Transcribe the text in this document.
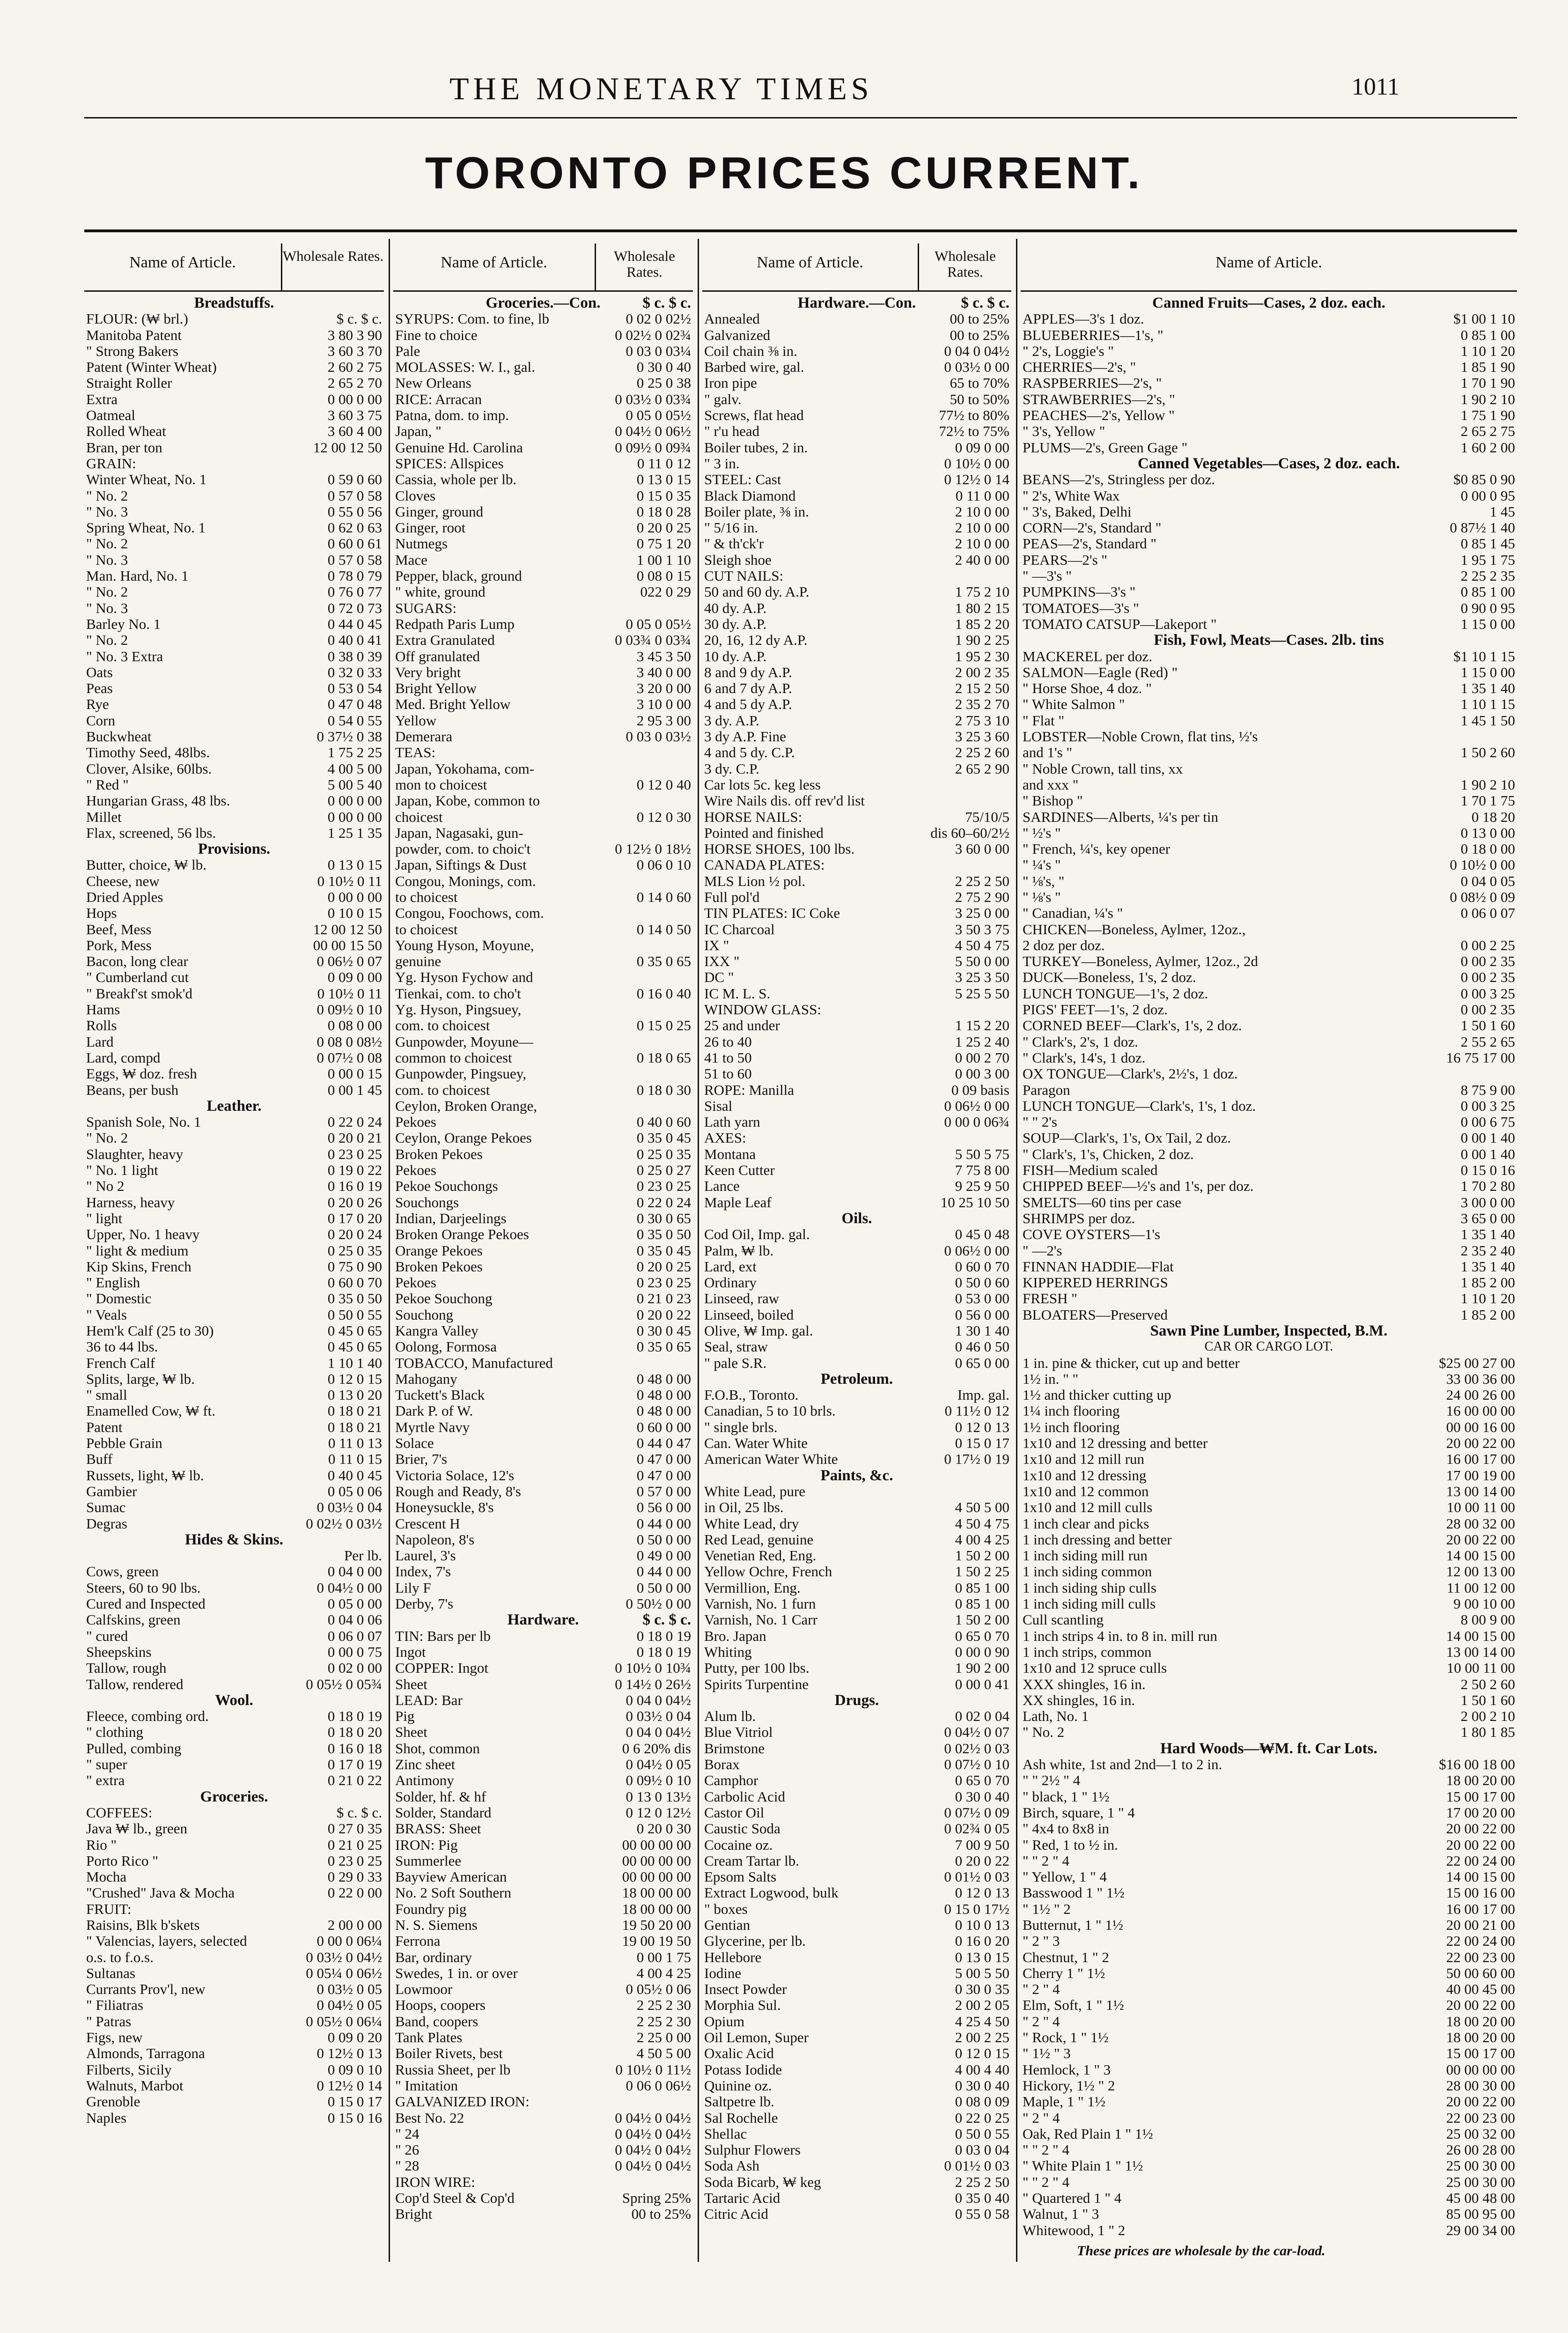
THE MONETARY TIMES	1011
TORONTO PRICES CURRENT.
Name of Article.	Wholesale Rates.
Breadstuffs.
FLOUR: (₩ brl.)	$ c. $ c.
Manitoba Patent	3 80 3 90
" Strong Bakers	3 60 3 70
Patent (Winter Wheat)	2 60 2 75
Straight Roller	2 65 2 70
Extra	0 00 0 00
Oatmeal	3 60 3 75
Rolled Wheat	3 60 4 00
Bran, per ton	12 00 12 50
GRAIN:
Winter Wheat, No. 1	0 59 0 60
" No. 2	0 57 0 58
" No. 3	0 55 0 56
Spring Wheat, No. 1	0 62 0 63
" No. 2	0 60 0 61
" No. 3	0 57 0 58
Man. Hard, No. 1	0 78 0 79
" No. 2	0 76 0 77
" No. 3	0 72 0 73
Barley No. 1	0 44 0 45
" No. 2	0 40 0 41
" No. 3 Extra	0 38 0 39
Oats	0 32 0 33
Peas	0 53 0 54
Rye	0 47 0 48
Corn	0 54 0 55
Buckwheat	0 37½ 0 38
Timothy Seed, 48lbs.	1 75 2 25
Clover, Alsike, 60lbs.	4 00 5 00
" Red "	5 00 5 40
Hungarian Grass, 48 lbs.	0 00 0 00
Millet	0 00 0 00
Flax, screened, 56 lbs.	1 25 1 35
Provisions.
Butter, choice, ₩ lb.	0 13 0 15
Cheese, new	0 10½ 0 11
Dried Apples	0 00 0 00
Hops	0 10 0 15
Beef, Mess	12 00 12 50
Pork, Mess	00 00 15 50
Bacon, long clear	0 06½ 0 07
" Cumberland cut	0 09 0 00
" Breakf'st smok'd	0 10½ 0 11
Hams	0 09½ 0 10
Rolls	0 08 0 00
Lard	0 08 0 08½
Lard, compd	0 07½ 0 08
Eggs, ₩ doz. fresh	0 00 0 15
Beans, per bush	0 00 1 45
Leather.
Spanish Sole, No. 1	0 22 0 24
" No. 2	0 20 0 21
Slaughter, heavy	0 23 0 25
" No. 1 light	0 19 0 22
" No 2	0 16 0 19
Harness, heavy	0 20 0 26
" light	0 17 0 20
Upper, No. 1 heavy	0 20 0 24
" light & medium	0 25 0 35
Kip Skins, French	0 75 0 90
" English	0 60 0 70
" Domestic	0 35 0 50
" Veals	0 50 0 55
Hem'k Calf (25 to 30)	0 45 0 65
36 to 44 lbs.	0 45 0 65
French Calf	1 10 1 40
Splits, large, ₩ lb.	0 12 0 15
" small	0 13 0 20
Enamelled Cow, ₩ ft.	0 18 0 21
Patent	0 18 0 21
Pebble Grain	0 11 0 13
Buff	0 11 0 15
Russets, light, ₩ lb.	0 40 0 45
Gambier	0 05 0 06
Sumac	0 03½ 0 04
Degras	0 02½ 0 03½
Hides & Skins.
Per lb.
Cows, green	0 04 0 00
Steers, 60 to 90 lbs.	0 04½ 0 00
Cured and Inspected	0 05 0 00
Calfskins, green	0 04 0 06
" cured	0 06 0 07
Sheepskins	0 00 0 75
Tallow, rough	0 02 0 00
Tallow, rendered	0 05½ 0 05¾
Wool.
Fleece, combing ord.	0 18 0 19
" clothing	0 18 0 20
Pulled, combing	0 16 0 18
" super	0 17 0 19
" extra	0 21 0 22
Groceries.
COFFEES:	$ c. $ c.
Java ₩ lb., green	0 27 0 35
Rio "	0 21 0 25
Porto Rico "	0 23 0 25
Mocha	0 29 0 33
"Crushed" Java & Mocha	0 22 0 00
FRUIT:
Raisins, Blk b'skets	2 00 0 00
" Valencias, layers, selected	0 00 0 06¼
o.s. to f.o.s.	0 03½ 0 04½
Sultanas	0 05¼ 0 06½
Currants Prov'l, new	0 03½ 0 05
" Filiatras	0 04½ 0 05
" Patras	0 05½ 0 06¼
Figs, new	0 09 0 20
Almonds, Tarragona	0 12½ 0 13
Filberts, Sicily	0 09 0 10
Walnuts, Marbot	0 12½ 0 14
Grenoble	0 15 0 17
Naples	0 15 0 16
Name of Article.	Wholesale Rates.
Groceries.—Con.	$ c. $ c.
SYRUPS: Com. to fine, lb	0 02 0 02½
Fine to choice	0 02½ 0 02¾
Pale	0 03 0 03¼
MOLASSES: W. I., gal.	0 30 0 40
New Orleans	0 25 0 38
RICE: Arracan	0 03½ 0 03¾
Patna, dom. to imp.	0 05 0 05½
Japan, "	0 04½ 0 06½
Genuine Hd. Carolina	0 09½ 0 09¾
SPICES: Allspices	0 11 0 12
Cassia, whole per lb.	0 13 0 15
Cloves	0 15 0 35
Ginger, ground	0 18 0 28
Ginger, root	0 20 0 25
Nutmegs	0 75 1 20
Mace	1 00 1 10
Pepper, black, ground	0 08 0 15
" white, ground	022 0 29
SUGARS:
Redpath Paris Lump	0 05 0 05½
Extra Granulated	0 03¾ 0 03¾
Off granulated	3 45 3 50
Very bright	3 40 0 00
Bright Yellow	3 20 0 00
Med. Bright Yellow	3 10 0 00
Yellow	2 95 3 00
Demerara	0 03 0 03½
TEAS:
Japan, Yokohama, com-
mon to choicest	0 12 0 40
Japan, Kobe, common to
choicest	0 12 0 30
Japan, Nagasaki, gun-
powder, com. to choic't	0 12½ 0 18½
Japan, Siftings & Dust	0 06 0 10
Congou, Monings, com.
to choicest	0 14 0 60
Congou, Foochows, com.
to choicest	0 14 0 50
Young Hyson, Moyune,
genuine	0 35 0 65
Yg. Hyson Fychow and
Tienkai, com. to cho't	0 16 0 40
Yg. Hyson, Pingsuey,
com. to choicest	0 15 0 25
Gunpowder, Moyune—
common to choicest	0 18 0 65
Gunpowder, Pingsuey,
com. to choicest	0 18 0 30
Ceylon, Broken Orange,
Pekoes	0 40 0 60
Ceylon, Orange Pekoes	0 35 0 45
Broken Pekoes	0 25 0 35
Pekoes	0 25 0 27
Pekoe Souchongs	0 23 0 25
Souchongs	0 22 0 24
Indian, Darjeelings	0 30 0 65
Broken Orange Pekoes	0 35 0 50
Orange Pekoes	0 35 0 45
Broken Pekoes	0 20 0 25
Pekoes	0 23 0 25
Pekoe Souchong	0 21 0 23
Souchong	0 20 0 22
Kangra Valley	0 30 0 45
Oolong, Formosa	0 35 0 65
TOBACCO, Manufactured
Mahogany	0 48 0 00
Tuckett's Black	0 48 0 00
Dark P. of W.	0 48 0 00
Myrtle Navy	0 60 0 00
Solace	0 44 0 47
Brier, 7's	0 47 0 00
Victoria Solace, 12's	0 47 0 00
Rough and Ready, 8's	0 57 0 00
Honeysuckle, 8's	0 56 0 00
Crescent H	0 44 0 00
Napoleon, 8's	0 50 0 00
Laurel, 3's	0 49 0 00
Index, 7's	0 44 0 00
Lily F	0 50 0 00
Derby, 7's	0 50½ 0 00
Hardware.	$ c. $ c.
TIN: Bars per lb	0 18 0 19
Ingot	0 18 0 19
COPPER: Ingot	0 10½ 0 10¾
Sheet	0 14½ 0 26½
LEAD: Bar	0 04 0 04½
Pig	0 03½ 0 04
Sheet	0 04 0 04½
Shot, common	0 6 20% dis
Zinc sheet	0 04½ 0 05
Antimony	0 09½ 0 10
Solder, hf. & hf	0 13 0 13½
Solder, Standard	0 12 0 12½
BRASS: Sheet	0 20 0 30
IRON: Pig	00 00 00 00
Summerlee	00 00 00 00
Bayview American	00 00 00 00
No. 2 Soft Southern	18 00 00 00
Foundry pig	18 00 00 00
N. S. Siemens	19 50 20 00
Ferrona	19 00 19 50
Bar, ordinary	0 00 1 75
Swedes, 1 in. or over	4 00 4 25
Lowmoor	0 05½ 0 06
Hoops, coopers	2 25 2 30
Band, coopers	2 25 2 30
Tank Plates	2 25 0 00
Boiler Rivets, best	4 50 5 00
Russia Sheet, per lb	0 10½ 0 11½
" Imitation	0 06 0 06½
GALVANIZED IRON:
Best No. 22	0 04½ 0 04½
" 24	0 04½ 0 04½
" 26	0 04½ 0 04½
" 28	0 04½ 0 04½
IRON WIRE:
Cop'd Steel & Cop'd	Spring 25%
Bright	00 to 25%
Name of Article.	Wholesale Rates.
Hardware.—Con.	$ c. $ c.
Annealed	00 to 25%
Galvanized	00 to 25%
Coil chain ⅜ in.	0 04 0 04½
Barbed wire, gal.	0 03½ 0 00
Iron pipe	65 to 70%
" galv.	50 to 50%
Screws, flat head	77½ to 80%
" r'u head	72½ to 75%
Boiler tubes, 2 in.	0 09 0 00
" 3 in.	0 10½ 0 00
STEEL: Cast	0 12½ 0 14
Black Diamond	0 11 0 00
Boiler plate, ⅜ in.	2 10 0 00
" 5/16 in.	2 10 0 00
" & th'ck'r	2 10 0 00
Sleigh shoe	2 40 0 00
CUT NAILS:
50 and 60 dy. A.P.	1 75 2 10
40 dy. A.P.	1 80 2 15
30 dy. A.P.	1 85 2 20
20, 16, 12 dy A.P.	1 90 2 25
10 dy. A.P.	1 95 2 30
8 and 9 dy A.P.	2 00 2 35
6 and 7 dy A.P.	2 15 2 50
4 and 5 dy A.P.	2 35 2 70
3 dy. A.P.	2 75 3 10
3 dy A.P. Fine	3 25 3 60
4 and 5 dy. C.P.	2 25 2 60
3 dy. C.P.	2 65 2 90
Car lots 5c. keg less
Wire Nails dis. off rev'd list
HORSE NAILS:	75/10/5
Pointed and finished	dis 60–60/2½
HORSE SHOES, 100 lbs.	3 60 0 00
CANADA PLATES:
MLS Lion ½ pol.	2 25 2 50
Full pol'd	2 75 2 90
TIN PLATES: IC Coke	3 25 0 00
IC Charcoal	3 50 3 75
IX "	4 50 4 75
IXX "	5 50 0 00
DC "	3 25 3 50
IC M. L. S.	5 25 5 50
WINDOW GLASS:
25 and under	1 15 2 20
26 to 40	1 25 2 40
41 to 50	0 00 2 70
51 to 60	0 00 3 00
ROPE: Manilla	0 09 basis
Sisal	0 06½ 0 00
Lath yarn	0 00 0 06¾
AXES:
Montana	5 50 5 75
Keen Cutter	7 75 8 00
Lance	9 25 9 50
Maple Leaf	10 25 10 50
Oils.
Cod Oil, Imp. gal.	0 45 0 48
Palm, ₩ lb.	0 06½ 0 00
Lard, ext	0 60 0 70
Ordinary	0 50 0 60
Linseed, raw	0 53 0 00
Linseed, boiled	0 56 0 00
Olive, ₩ Imp. gal.	1 30 1 40
Seal, straw	0 46 0 50
" pale S.R.	0 65 0 00
Petroleum.
F.O.B., Toronto.	Imp. gal.
Canadian, 5 to 10 brls.	0 11½ 0 12
" single brls.	0 12 0 13
Can. Water White	0 15 0 17
American Water White	0 17½ 0 19
Paints, &c.
White Lead, pure
in Oil, 25 lbs.	4 50 5 00
White Lead, dry	4 50 4 75
Red Lead, genuine	4 00 4 25
Venetian Red, Eng.	1 50 2 00
Yellow Ochre, French	1 50 2 25
Vermillion, Eng.	0 85 1 00
Varnish, No. 1 furn	0 85 1 00
Varnish, No. 1 Carr	1 50 2 00
Bro. Japan	0 65 0 70
Whiting	0 00 0 90
Putty, per 100 lbs.	1 90 2 00
Spirits Turpentine	0 00 0 41
Drugs.
Alum lb.	0 02 0 04
Blue Vitriol	0 04½ 0 07
Brimstone	0 02½ 0 03
Borax	0 07½ 0 10
Camphor	0 65 0 70
Carbolic Acid	0 30 0 40
Castor Oil	0 07½ 0 09
Caustic Soda	0 02¾ 0 05
Cocaine oz.	7 00 9 50
Cream Tartar lb.	0 20 0 22
Epsom Salts	0 01½ 0 03
Extract Logwood, bulk	0 12 0 13
" boxes	0 15 0 17½
Gentian	0 10 0 13
Glycerine, per lb.	0 16 0 20
Hellebore	0 13 0 15
Iodine	5 00 5 50
Insect Powder	0 30 0 35
Morphia Sul.	2 00 2 05
Opium	4 25 4 50
Oil Lemon, Super	2 00 2 25
Oxalic Acid	0 12 0 15
Potass Iodide	4 00 4 40
Quinine oz.	0 30 0 40
Saltpetre lb.	0 08 0 09
Sal Rochelle	0 22 0 25
Shellac	0 50 0 55
Sulphur Flowers	0 03 0 04
Soda Ash	0 01½ 0 03
Soda Bicarb, ₩ keg	2 25 2 50
Tartaric Acid	0 35 0 40
Citric Acid	0 55 0 58
Name of Article.
Canned Fruits—Cases, 2 doz. each.
APPLES—3's 1 doz.	$1 00 1 10
BLUEBERRIES—1's, "	0 85 1 00
" 2's, Loggie's "	1 10 1 20
CHERRIES—2's, "	1 85 1 90
RASPBERRIES—2's, "	1 70 1 90
STRAWBERRIES—2's, "	1 90 2 10
PEACHES—2's, Yellow "	1 75 1 90
" 3's, Yellow "	2 65 2 75
PLUMS—2's, Green Gage "	1 60 2 00
Canned Vegetables—Cases, 2 doz. each.
BEANS—2's, Stringless per doz.	$0 85 0 90
" 2's, White Wax	0 00 0 95
" 3's, Baked, Delhi	1 45
CORN—2's, Standard "	0 87½ 1 40
PEAS—2's, Standard "	0 85 1 45
PEARS—2's "	1 95 1 75
" —3's "	2 25 2 35
PUMPKINS—3's "	0 85 1 00
TOMATOES—3's "	0 90 0 95
TOMATO CATSUP—Lakeport "	1 15 0 00
Fish, Fowl, Meats—Cases. 2lb. tins
MACKEREL per doz.	$1 10 1 15
SALMON—Eagle (Red) "	1 15 0 00
" Horse Shoe, 4 doz. "	1 35 1 40
" White Salmon "	1 10 1 15
" Flat "	1 45 1 50
LOBSTER—Noble Crown, flat tins, ½'s
and 1's "	1 50 2 60
" Noble Crown, tall tins, xx
and xxx "	1 90 2 10
" Bishop "	1 70 1 75
SARDINES—Alberts, ¼'s per tin	0 18 20
" ½'s "	0 13 0 00
" French, ¼'s, key opener	0 18 0 00
" ¼'s "	0 10½ 0 00
" ⅛'s, "	0 04 0 05
" ⅛'s "	0 08½ 0 09
" Canadian, ¼'s "	0 06 0 07
CHICKEN—Boneless, Aylmer, 12oz.,
2 doz per doz.	0 00 2 25
TURKEY—Boneless, Aylmer, 12oz., 2d	0 00 2 35
DUCK—Boneless, 1's, 2 doz.	0 00 2 35
LUNCH TONGUE—1's, 2 doz.	0 00 3 25
PIGS' FEET—1's, 2 doz.	0 00 2 35
CORNED BEEF—Clark's, 1's, 2 doz.	1 50 1 60
" Clark's, 2's, 1 doz.	2 55 2 65
" Clark's, 14's, 1 doz.	16 75 17 00
OX TONGUE—Clark's, 2½'s, 1 doz.
Paragon	8 75 9 00
LUNCH TONGUE—Clark's, 1's, 1 doz.	0 00 3 25
" " 2's	0 00 6 75
SOUP—Clark's, 1's, Ox Tail, 2 doz.	0 00 1 40
" Clark's, 1's, Chicken, 2 doz.	0 00 1 40
FISH—Medium scaled	0 15 0 16
CHIPPED BEEF—½'s and 1's, per doz.	1 70 2 80
SMELTS—60 tins per case	3 00 0 00
SHRIMPS per doz.	3 65 0 00
COVE OYSTERS—1's	1 35 1 40
" —2's	2 35 2 40
FINNAN HADDIE—Flat	1 35 1 40
KIPPERED HERRINGS	1 85 2 00
FRESH "	1 10 1 20
BLOATERS—Preserved	1 85 2 00
Sawn Pine Lumber, Inspected, B.M.
CAR OR CARGO LOT.
1 in. pine & thicker, cut up and better	$25 00 27 00
1½ in. " "	33 00 36 00
1½ and thicker cutting up	24 00 26 00
1¼ inch flooring	16 00 00 00
1½ inch flooring	00 00 16 00
1x10 and 12 dressing and better	20 00 22 00
1x10 and 12 mill run	16 00 17 00
1x10 and 12 dressing	17 00 19 00
1x10 and 12 common	13 00 14 00
1x10 and 12 mill culls	10 00 11 00
1 inch clear and picks	28 00 32 00
1 inch dressing and better	20 00 22 00
1 inch siding mill run	14 00 15 00
1 inch siding common	12 00 13 00
1 inch siding ship culls	11 00 12 00
1 inch siding mill culls	9 00 10 00
Cull scantling	8 00 9 00
1 inch strips 4 in. to 8 in. mill run	14 00 15 00
1 inch strips, common	13 00 14 00
1x10 and 12 spruce culls	10 00 11 00
XXX shingles, 16 in.	2 50 2 60
XX shingles, 16 in.	1 50 1 60
Lath, No. 1	2 00 2 10
" No. 2	1 80 1 85
Hard Woods—₩M. ft. Car Lots.
Ash white, 1st and 2nd—1 to 2 in.	$16 00 18 00
" " 2½ " 4	18 00 20 00
" black, 1 " 1½	15 00 17 00
Birch, square, 1 " 4	17 00 20 00
" 4x4 to 8x8 in	20 00 22 00
" Red, 1 to ½ in.	20 00 22 00
" " 2 " 4	22 00 24 00
" Yellow, 1 " 4	14 00 15 00
Basswood 1 " 1½	15 00 16 00
" 1½ " 2	16 00 17 00
Butternut, 1 " 1½	20 00 21 00
" 2 " 3	22 00 24 00
Chestnut, 1 " 2	22 00 23 00
Cherry 1 " 1½	50 00 60 00
" 2 " 4	40 00 45 00
Elm, Soft, 1 " 1½	20 00 22 00
" 2 " 4	18 00 20 00
" Rock, 1 " 1½	18 00 20 00
" 1½ " 3	15 00 17 00
Hemlock, 1 " 3	00 00 00 00
Hickory, 1½ " 2	28 00 30 00
Maple, 1 " 1½	20 00 22 00
" 2 " 4	22 00 23 00
Oak, Red Plain 1 " 1½	25 00 32 00
" " 2 " 4	26 00 28 00
" White Plain 1 " 1½	25 00 30 00
" " 2 " 4	25 00 30 00
" Quartered 1 " 4	45 00 48 00
Walnut, 1 " 3	85 00 95 00
Whitewood, 1 " 2	29 00 34 00
These prices are wholesale by the car-load.
